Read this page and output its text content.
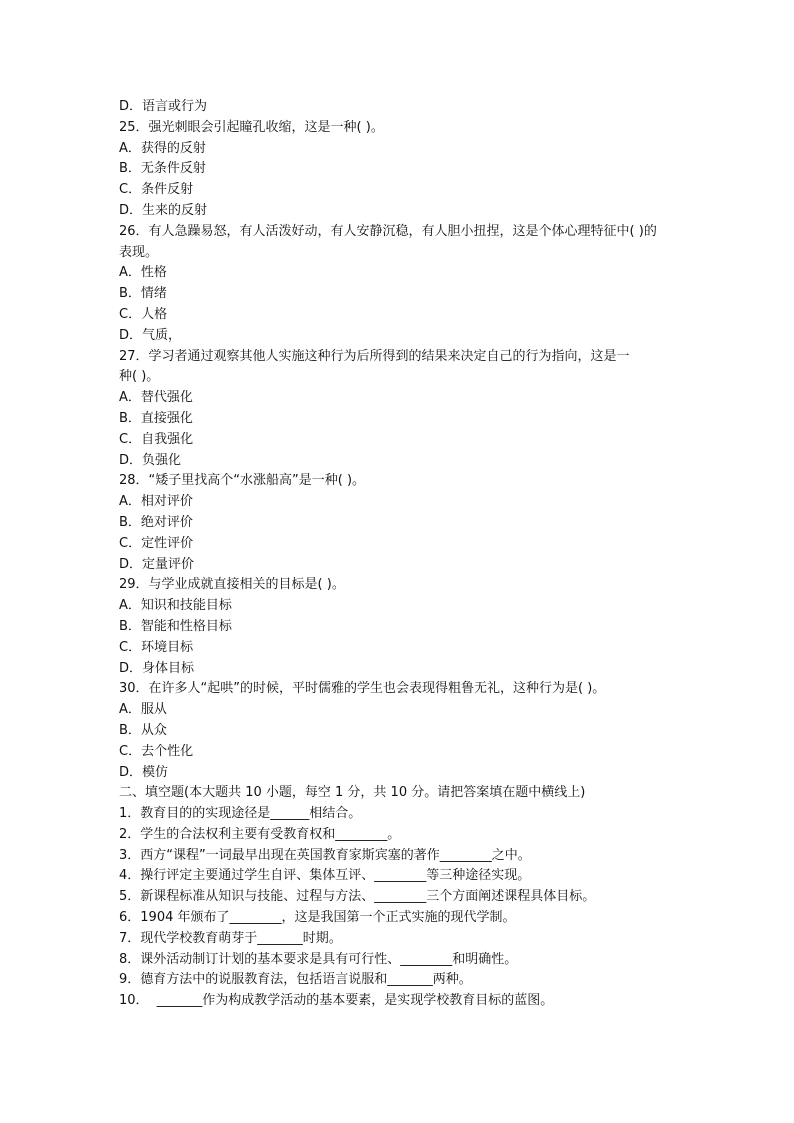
D．语言或行为

25．强光刺眼会引起瞳孔收缩，这是一种( )。

A．获得的反射

B．无条件反射

C．条件反射

D．生来的反射

26．有人急躁易怒，有人活泼好动，有人安静沉稳，有人胆小扭捏，这是个体心理特征中( )的

表现。

A．性格

B．情绪

C．人格

D．气质，

27．学习者通过观察其他人实施这种行为后所得到的结果来决定自己的行为指向，这是一

种( )。

A．替代强化

B．直接强化

C．自我强化

D．负强化

28．“矮子里找高个“水涨船高”是一种( )。

A．相对评价

B．绝对评价

C．定性评价

D．定量评价

29．与学业成就直接相关的目标是( )。

A．知识和技能目标

B．智能和性格目标

C．环境目标

D．身体目标

30．在许多人“起哄”的时候，平时儒雅的学生也会表现得粗鲁无礼，这种行为是( )。

A．服从

B．从众

C．去个性化

D．模仿

二、填空题(本大题共 10 小题，每空 1 分，共 10 分。请把答案填在题中横线上)

1．教育目的的实现途径是______相结合。

2．学生的合法权利主要有受教育权和________。

3．西方“课程”一词最早出现在英国教育家斯宾塞的著作________之中。

4．操行评定主要通过学生自评、集体互评、________等三种途径实现。

5．新课程标准从知识与技能、过程与方法、________三个方面阐述课程具体目标。

6．1904 年颁布了________，这是我国第一个正式实施的现代学制。

7．现代学校教育萌芽于_______时期。

8．课外活动制订计划的基本要求是具有可行性、________和明确性。

9．德育方法中的说服教育法，包括语言说服和_______两种。

10．  _______作为构成教学活动的基本要素，是实现学校教育目标的蓝图。
